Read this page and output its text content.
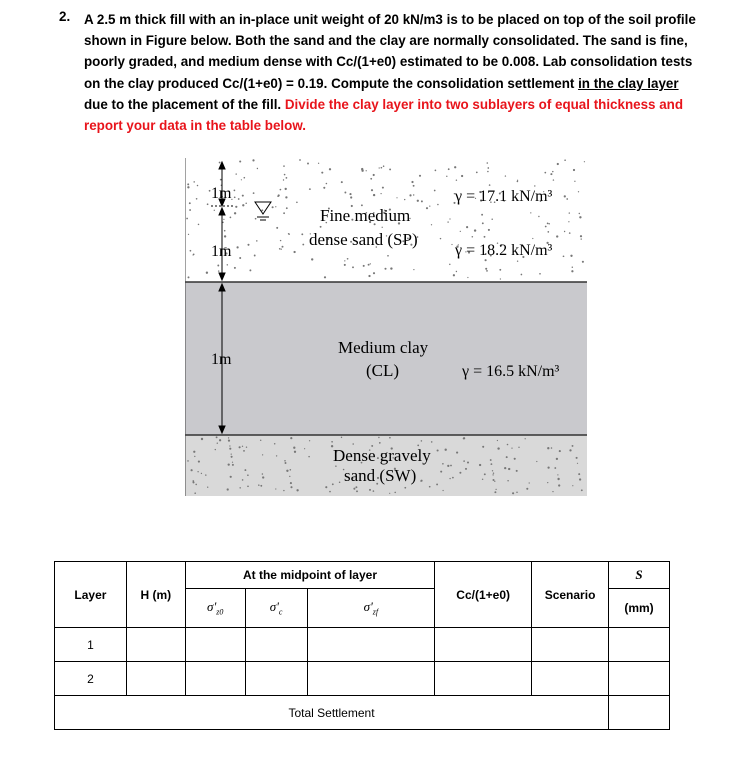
2. A 2.5 m thick fill with an in-place unit weight of 20 kN/m3 is to be placed on top of the soil profile shown in Figure below. Both the sand and the clay are normally consolidated. The sand is fine, poorly graded, and medium dense with Cc/(1+e0) estimated to be 0.008. Lab consolidation tests on the clay produced Cc/(1+e0) = 0.19. Compute the consolidation settlement in the clay layer due to the placement of the fill. Divide the clay layer into two sublayers of equal thickness and report your data in the table below.
1m
1m
1m
Fine medium
dense sand (SP)
γ = 17.1 kN/m³
γ = 18.2 kN/m³
Medium clay
(CL)	γ = 16.5 kN/m³
Dense gravely
sand (SW)
Layer	H (m)	At the midpoint of layer			Cc/(1+e0)	Scenario	S
		$\sigma'_{z0}$	$\sigma'_c$	$\sigma'_{zf}$			(mm)
1							
2							
Total Settlement							
